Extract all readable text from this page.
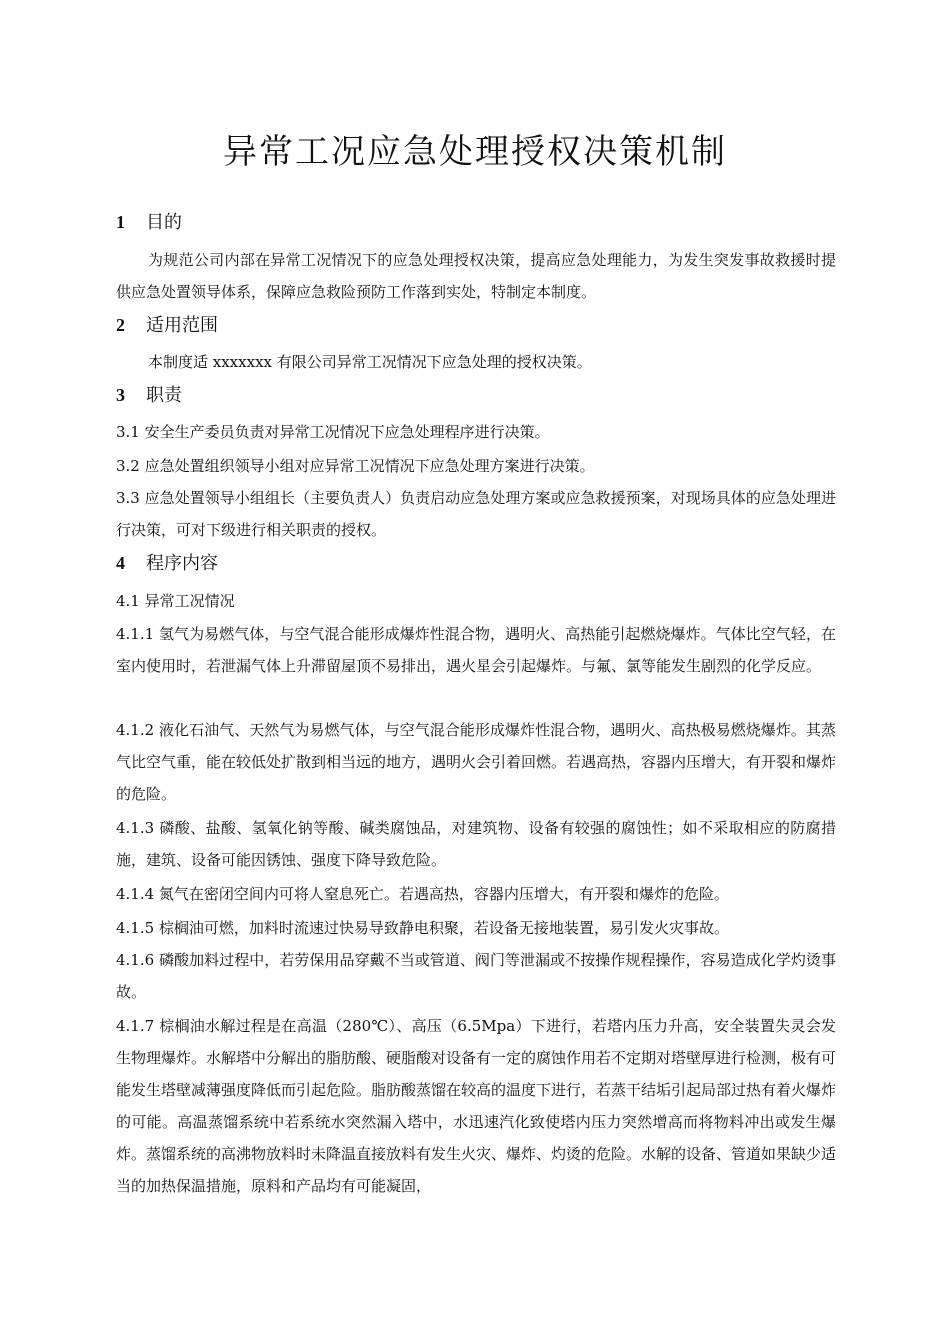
异常工况应急处理授权决策机制
1 目的
为规范公司内部在异常工况情况下的应急处理授权决策，提高应急处理能力，为发生突发事故救援时提供应急处置领导体系，保障应急救险预防工作落到实处，特制定本制度。
2 适用范围
本制度适 xxxxxxx 有限公司异常工况情况下应急处理的授权决策。
3 职责
3.1 安全生产委员负责对异常工况情况下应急处理程序进行决策。
3.2 应急处置组织领导小组对应异常工况情况下应急处理方案进行决策。
3.3 应急处置领导小组组长（主要负责人）负责启动应急处理方案或应急救援预案，对现场具体的应急处理进行决策，可对下级进行相关职责的授权。
4 程序内容
4.1 异常工况情况
4.1.1 氢气为易燃气体，与空气混合能形成爆炸性混合物，遇明火、高热能引起燃烧爆炸。气体比空气轻，在室内使用时，若泄漏气体上升滞留屋顶不易排出，遇火星会引起爆炸。与氟、氯等能发生剧烈的化学反应。
4.1.2 液化石油气、天然气为易燃气体，与空气混合能形成爆炸性混合物，遇明火、高热极易燃烧爆炸。其蒸气比空气重，能在较低处扩散到相当远的地方，遇明火会引着回燃。若遇高热，容器内压增大，有开裂和爆炸的危险。
4.1.3 磷酸、盐酸、氢氧化钠等酸、碱类腐蚀品，对建筑物、设备有较强的腐蚀性；如不采取相应的防腐措施，建筑、设备可能因锈蚀、强度下降导致危险。
4.1.4 氮气在密闭空间内可将人窒息死亡。若遇高热，容器内压增大，有开裂和爆炸的危险。
4.1.5 棕榈油可燃，加料时流速过快易导致静电积聚，若设备无接地装置，易引发火灾事故。
4.1.6 磷酸加料过程中，若劳保用品穿戴不当或管道、阀门等泄漏或不按操作规程操作，容易造成化学灼烫事故。
4.1.7 棕榈油水解过程是在高温（280℃）、高压（6.5Mpa）下进行，若塔内压力升高，安全装置失灵会发生物理爆炸。水解塔中分解出的脂肪酸、硬脂酸对设备有一定的腐蚀作用若不定期对塔壁厚进行检测，极有可能发生塔壁减薄强度降低而引起危险。脂肪酸蒸馏在较高的温度下进行，若蒸干结垢引起局部过热有着火爆炸的可能。高温蒸馏系统中若系统水突然漏入塔中，水迅速汽化致使塔内压力突然增高而将物料冲出或发生爆炸。蒸馏系统的高沸物放料时未降温直接放料有发生火灾、爆炸、灼烫的危险。水解的设备、管道如果缺少适当的加热保温措施，原料和产品均有可能凝固，
